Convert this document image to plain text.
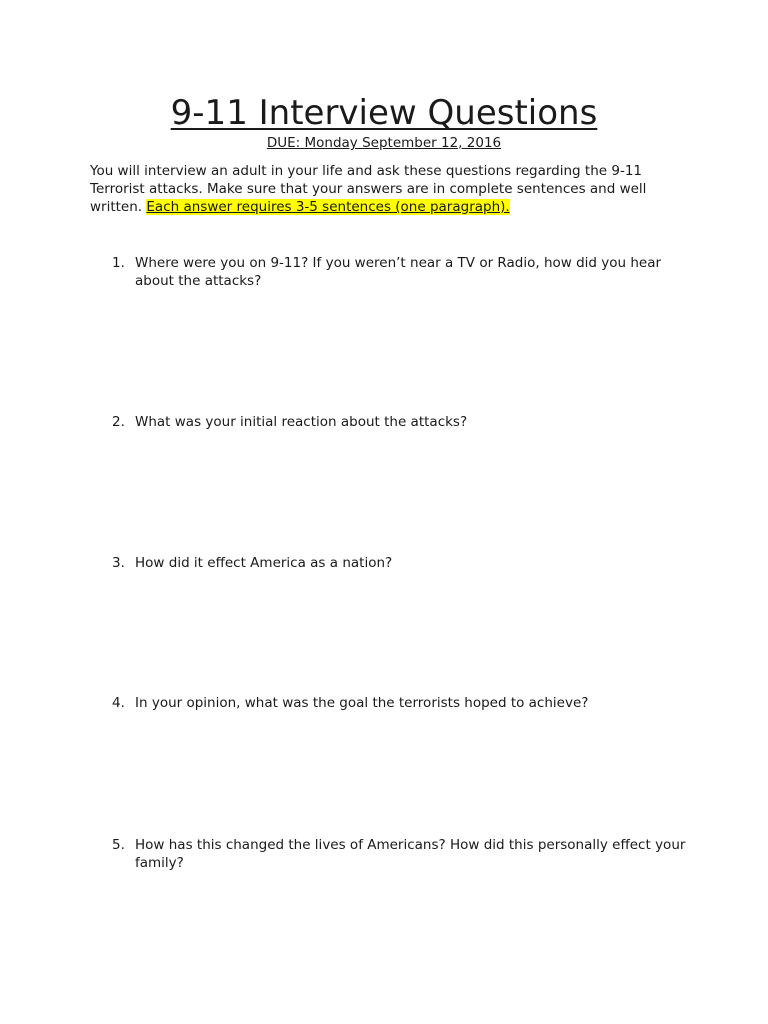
9-11 Interview Questions
DUE: Monday September 12, 2016
You will interview an adult in your life and ask these questions regarding the 9-11 Terrorist attacks. Make sure that your answers are in complete sentences and well written. Each answer requires 3-5 sentences (one paragraph).
1. Where were you on 9-11? If you weren’t near a TV or Radio, how did you hear about the attacks?
2. What was your initial reaction about the attacks?
3. How did it effect America as a nation?
4. In your opinion, what was the goal the terrorists hoped to achieve?
5. How has this changed the lives of Americans? How did this personally effect your family?
